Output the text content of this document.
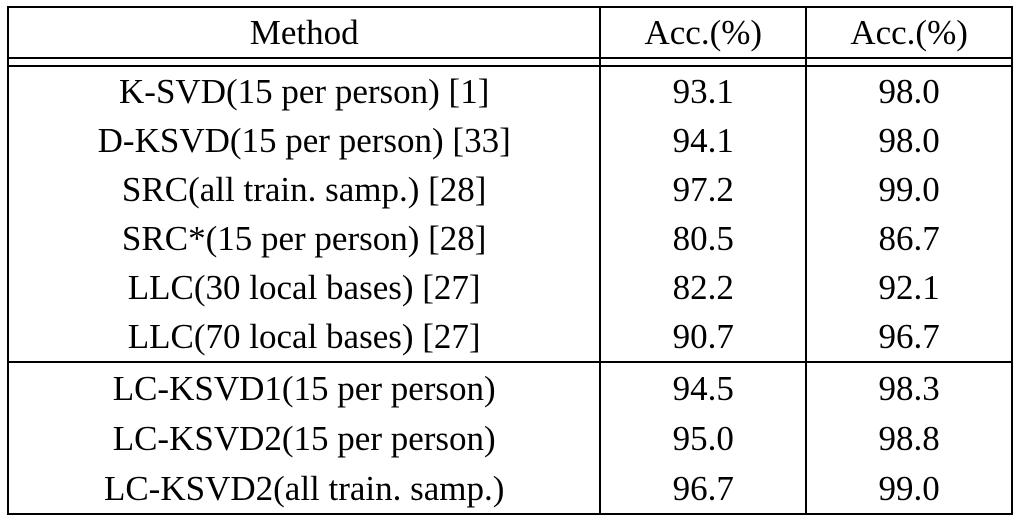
Method	Acc.(%)	Acc.(%)

K-SVD(15 per person) [1]	93.1	98.0
D-KSVD(15 per person) [33]	94.1	98.0
SRC(all train. samp.) [28]	97.2	99.0
SRC*(15 per person) [28]	80.5	86.7
LLC(30 local bases) [27]	82.2	92.1
LLC(70 local bases) [27]	90.7	96.7
LC-KSVD1(15 per person)	94.5	98.3
LC-KSVD2(15 per person)	95.0	98.8
LC-KSVD2(all train. samp.)	96.7	99.0
